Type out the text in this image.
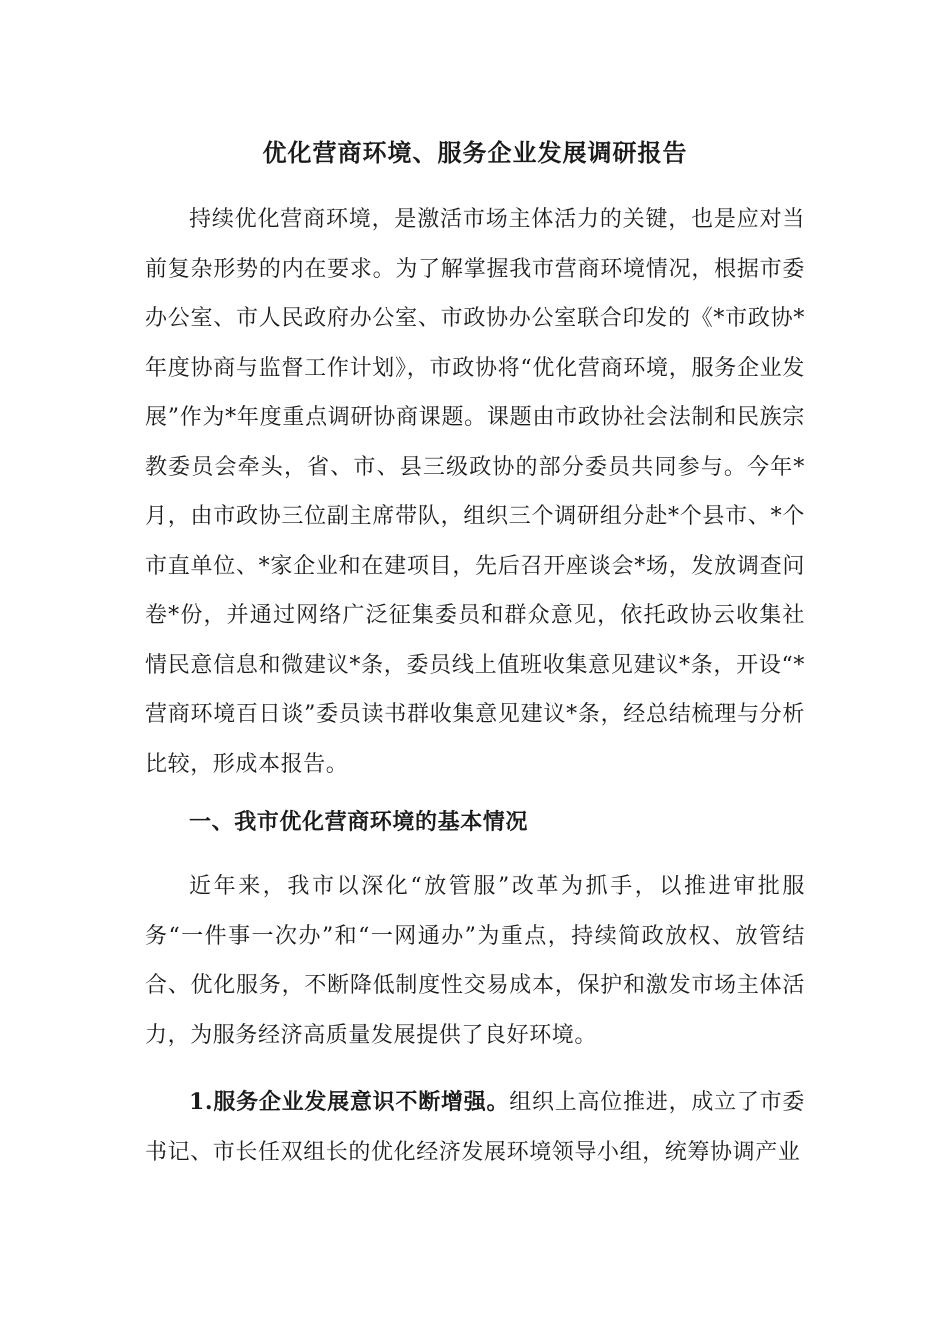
优化营商环境、服务企业发展调研报告

持续优化营商环境，是激活市场主体活力的关键，也是应对当前复杂形势的内在要求。为了解掌握我市营商环境情况，根据市委办公室、市人民政府办公室、市政协办公室联合印发的《*市政协*年度协商与监督工作计划》，市政协将“优化营商环境，服务企业发展”作为*年度重点调研协商课题。课题由市政协社会法制和民族宗教委员会牵头，省、市、县三级政协的部分委员共同参与。今年*月，由市政协三位副主席带队，组织三个调研组分赴*个县市、*个市直单位、*家企业和在建项目，先后召开座谈会*场，发放调查问卷*份，并通过网络广泛征集委员和群众意见，依托政协云收集社情民意信息和微建议*条，委员线上值班收集意见建议*条，开设“*营商环境百日谈”委员读书群收集意见建议*条，经总结梳理与分析比较，形成本报告。

一、我市优化营商环境的基本情况

近年来，我市以深化“放管服”改革为抓手，以推进审批服务“一件事一次办”和“一网通办”为重点，持续简政放权、放管结合、优化服务，不断降低制度性交易成本，保护和激发市场主体活力，为服务经济高质量发展提供了良好环境。

1.服务企业发展意识不断增强。组织上高位推进，成立了市委书记、市长任双组长的优化经济发展环境领导小组，统筹协调产业
